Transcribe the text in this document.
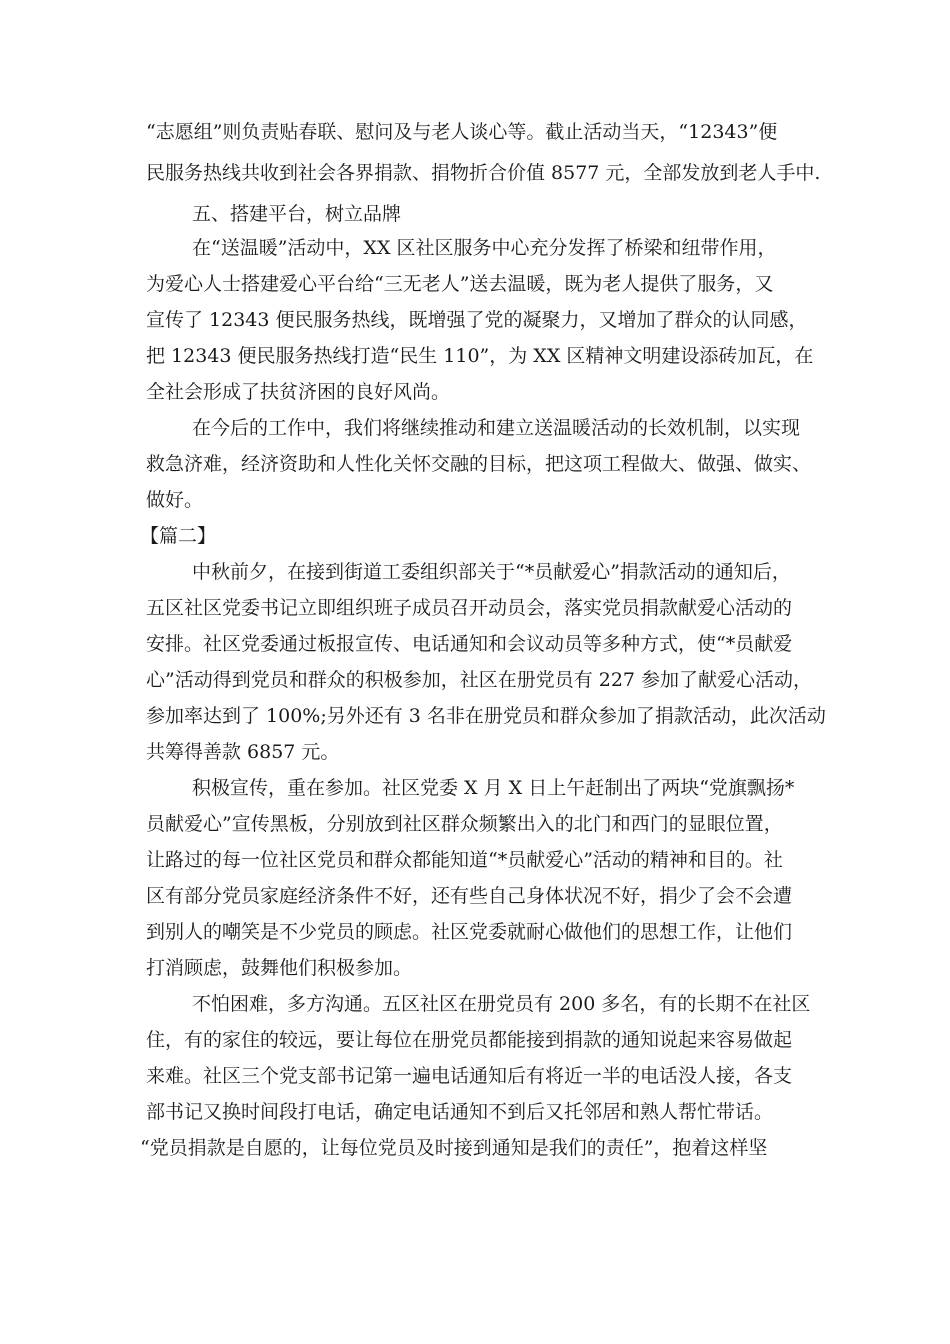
“志愿组”则负责贴春联、慰问及与老人谈心等。截止活动当天，“12343”便
民服务热线共收到社会各界捐款、捐物折合价值 8577 元，全部发放到老人手中.
五、搭建平台，树立品牌
在“送温暖”活动中，XX 区社区服务中心充分发挥了桥梁和纽带作用，
为爱心人士搭建爱心平台给“三无老人”送去温暖，既为老人提供了服务，又
宣传了 12343 便民服务热线，既增强了党的凝聚力，又增加了群众的认同感，
把 12343 便民服务热线打造“民生 110”，为 XX 区精神文明建设添砖加瓦，在
全社会形成了扶贫济困的良好风尚。
在今后的工作中，我们将继续推动和建立送温暖活动的长效机制，以实现
救急济难，经济资助和人性化关怀交融的目标，把这项工程做大、做强、做实、
做好。
【篇二】
中秋前夕，在接到街道工委组织部关于“*员献爱心”捐款活动的通知后，
五区社区党委书记立即组织班子成员召开动员会，落实党员捐款献爱心活动的
安排。社区党委通过板报宣传、电话通知和会议动员等多种方式，使“*员献爱
心”活动得到党员和群众的积极参加，社区在册党员有 227 参加了献爱心活动，
参加率达到了 100%;另外还有 3 名非在册党员和群众参加了捐款活动，此次活动
共筹得善款 6857 元。
积极宣传，重在参加。社区党委 X 月 X 日上午赶制出了两块“党旗飘扬*
员献爱心”宣传黑板，分别放到社区群众频繁出入的北门和西门的显眼位置，
让路过的每一位社区党员和群众都能知道“*员献爱心”活动的精神和目的。社
区有部分党员家庭经济条件不好，还有些自己身体状况不好，捐少了会不会遭
到别人的嘲笑是不少党员的顾虑。社区党委就耐心做他们的思想工作，让他们
打消顾虑，鼓舞他们积极参加。
不怕困难，多方沟通。五区社区在册党员有 200 多名，有的长期不在社区
住，有的家住的较远，要让每位在册党员都能接到捐款的通知说起来容易做起
来难。社区三个党支部书记第一遍电话通知后有将近一半的电话没人接，各支
部书记又换时间段打电话，确定电话通知不到后又托邻居和熟人帮忙带话。
“党员捐款是自愿的，让每位党员及时接到通知是我们的责任”，抱着这样坚
